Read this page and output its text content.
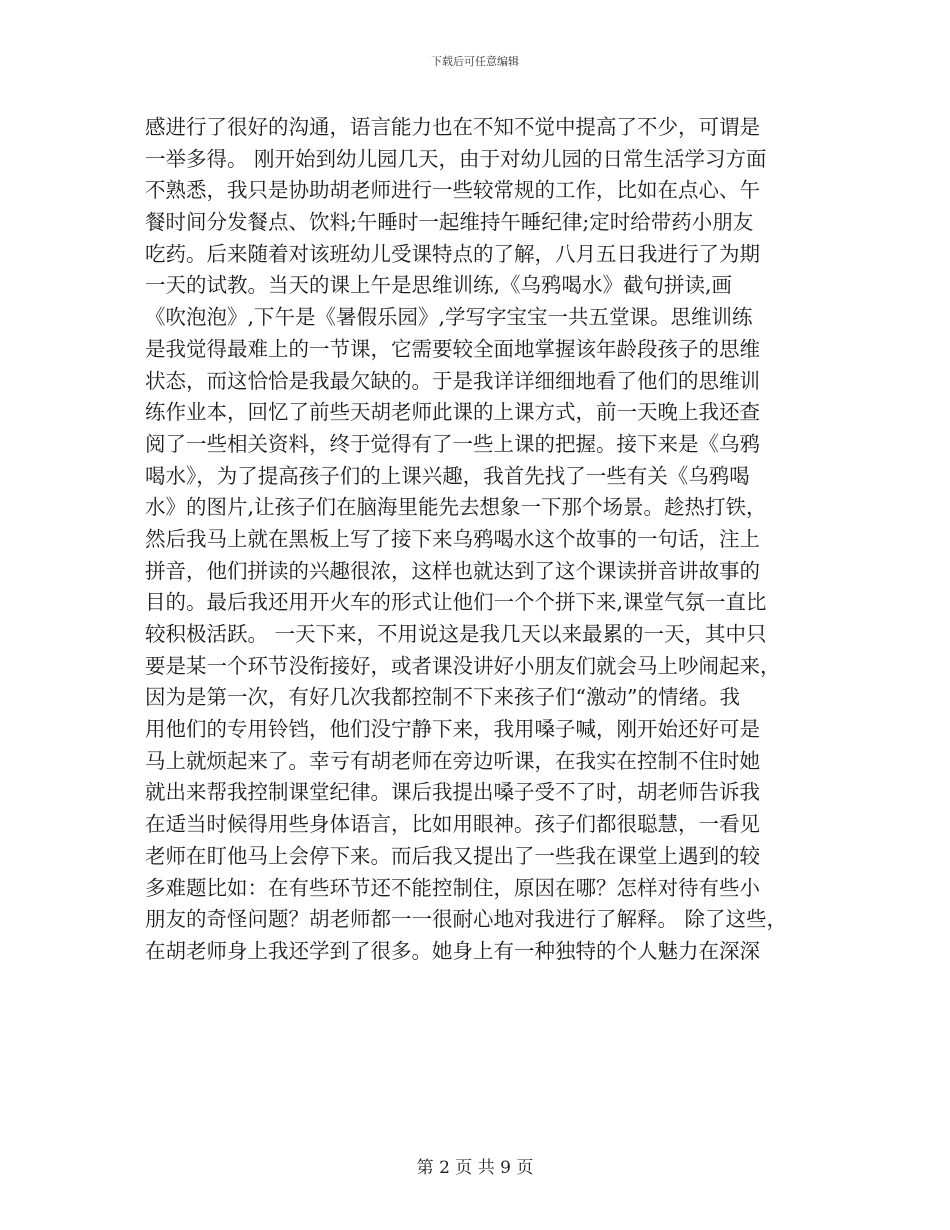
下载后可任意编辑
感进行了很好的沟通，语言能力也在不知不觉中提高了不少，可谓是
一举多得。 刚开始到幼儿园几天，由于对幼儿园的日常生活学习方面
不熟悉，我只是协助胡老师进行一些较常规的工作，比如在点心、午
餐时间分发餐点、饮料;午睡时一起维持午睡纪律;定时给带药小朋友
吃药。后来随着对该班幼儿受课特点的了解，八月五日我进行了为期
一天的试教。当天的课上午是思维训练,《乌鸦喝水》截句拼读,画
《吹泡泡》,下午是《暑假乐园》,学写字宝宝一共五堂课。思维训练
是我觉得最难上的一节课，它需要较全面地掌握该年龄段孩子的思维
状态，而这恰恰是我最欠缺的。于是我详详细细地看了他们的思维训
练作业本，回忆了前些天胡老师此课的上课方式，前一天晚上我还查
阅了一些相关资料，终于觉得有了一些上课的把握。接下来是《乌鸦
喝水》，为了提高孩子们的上课兴趣，我首先找了一些有关《乌鸦喝
水》的图片,让孩子们在脑海里能先去想象一下那个场景。趁热打铁，
然后我马上就在黑板上写了接下来乌鸦喝水这个故事的一句话，注上
拼音，他们拼读的兴趣很浓，这样也就达到了这个课读拼音讲故事的
目的。最后我还用开火车的形式让他们一个个拼下来,课堂气氛一直比
较积极活跃。 一天下来，不用说这是我几天以来最累的一天，其中只
要是某一个环节没衔接好，或者课没讲好小朋友们就会马上吵闹起来，
因为是第一次，有好几次我都控制不下来孩子们“激动”的情绪。我
用他们的专用铃铛，他们没宁静下来，我用嗓子喊，刚开始还好可是
马上就烦起来了。幸亏有胡老师在旁边听课，在我实在控制不住时她
就出来帮我控制课堂纪律。课后我提出嗓子受不了时，胡老师告诉我
在适当时候得用些身体语言，比如用眼神。孩子们都很聪慧，一看见
老师在盯他马上会停下来。而后我又提出了一些我在课堂上遇到的较
多难题比如：在有些环节还不能控制住，原因在哪？怎样对待有些小
朋友的奇怪问题？胡老师都一一很耐心地对我进行了解释。 除了这些，
在胡老师身上我还学到了很多。她身上有一种独特的个人魅力在深深
第 2 页 共 9 页
